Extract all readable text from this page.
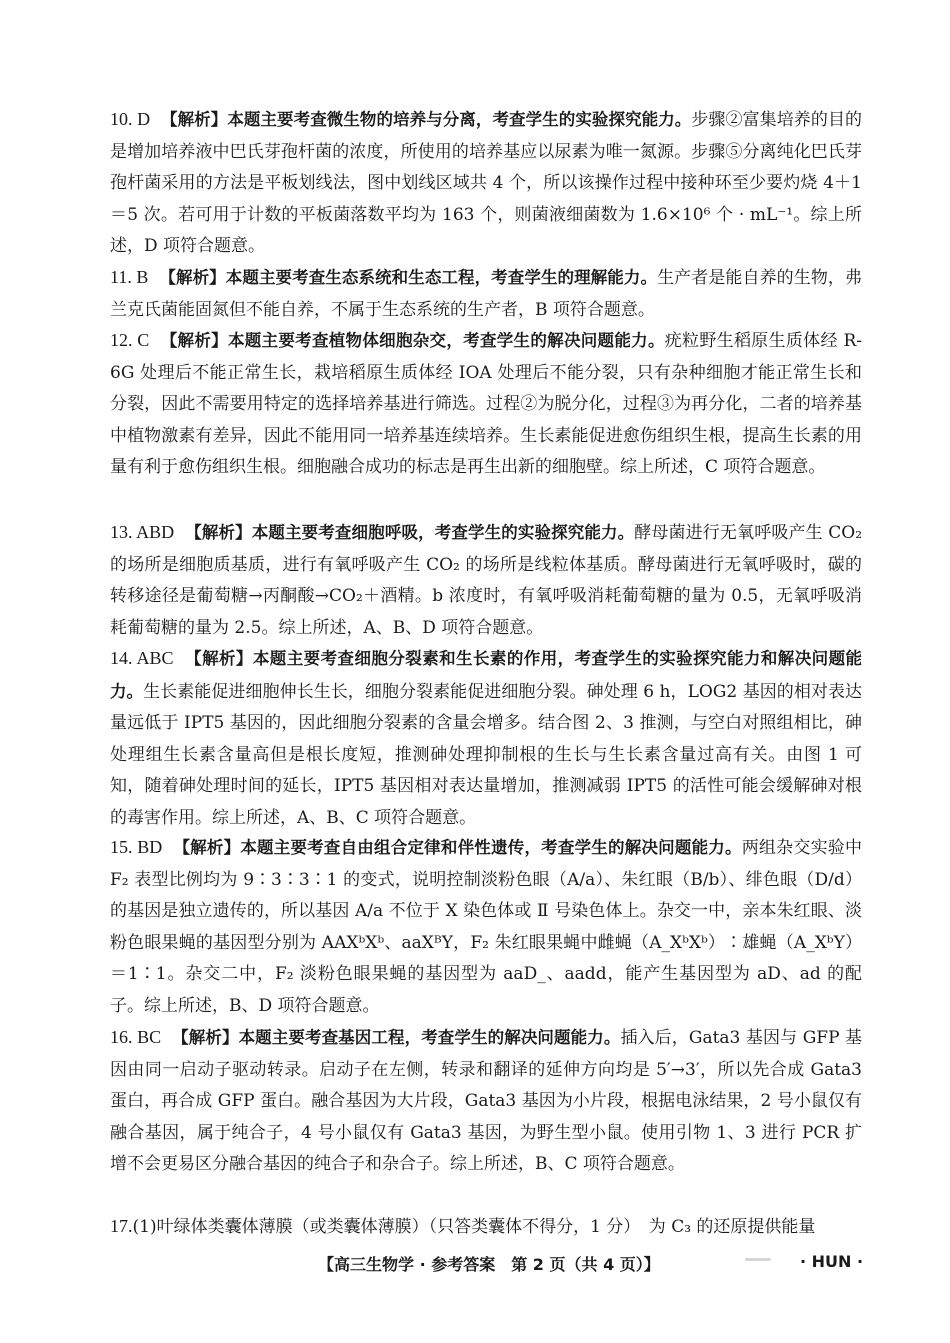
10. D 【解析】本题主要考查微生物的培养与分离，考查学生的实验探究能力。步骤②富集培养的目的是增加培养液中巴氏芽孢杆菌的浓度，所使用的培养基应以尿素为唯一氮源。步骤⑤分离纯化巴氏芽孢杆菌采用的方法是平板划线法，图中划线区域共 4 个，所以该操作过程中接种环至少要灼烧 4＋1＝5 次。若可用于计数的平板菌落数平均为 163 个，则菌液细菌数为 1.6×10⁶ 个 · mL⁻¹。综上所述，D 项符合题意。

11. B 【解析】本题主要考查生态系统和生态工程，考查学生的理解能力。生产者是能自养的生物，弗兰克氏菌能固氮但不能自养，不属于生态系统的生产者，B 项符合题意。

12. C 【解析】本题主要考查植物体细胞杂交，考查学生的解决问题能力。疣粒野生稻原生质体经 R-6G 处理后不能正常生长，栽培稻原生质体经 IOA 处理后不能分裂，只有杂种细胞才能正常生长和分裂，因此不需要用特定的选择培养基进行筛选。过程②为脱分化，过程③为再分化，二者的培养基中植物激素有差异，因此不能用同一培养基连续培养。生长素能促进愈伤组织生根，提高生长素的用量有利于愈伤组织生根。细胞融合成功的标志是再生出新的细胞壁。综上所述，C 项符合题意。

13. ABD 【解析】本题主要考查细胞呼吸，考查学生的实验探究能力。酵母菌进行无氧呼吸产生 CO₂ 的场所是细胞质基质，进行有氧呼吸产生 CO₂ 的场所是线粒体基质。酵母菌进行无氧呼吸时，碳的转移途径是葡萄糖→丙酮酸→CO₂＋酒精。b 浓度时，有氧呼吸消耗葡萄糖的量为 0.5，无氧呼吸消耗葡萄糖的量为 2.5。综上所述，A、B、D 项符合题意。

14. ABC 【解析】本题主要考查细胞分裂素和生长素的作用，考查学生的实验探究能力和解决问题能力。生长素能促进细胞伸长生长，细胞分裂素能促进细胞分裂。砷处理 6 h，LOG2 基因的相对表达量远低于 IPT5 基因的，因此细胞分裂素的含量会增多。结合图 2、3 推测，与空白对照组相比，砷处理组生长素含量高但是根长度短，推测砷处理抑制根的生长与生长素含量过高有关。由图 1 可知，随着砷处理时间的延长，IPT5 基因相对表达量增加，推测减弱 IPT5 的活性可能会缓解砷对根的毒害作用。综上所述，A、B、C 项符合题意。

15. BD 【解析】本题主要考查自由组合定律和伴性遗传，考查学生的解决问题能力。两组杂交实验中 F₂ 表型比例均为 9∶3∶3∶1 的变式，说明控制淡粉色眼（A/a）、朱红眼（B/b）、绯色眼（D/d）的基因是独立遗传的，所以基因 A/a 不位于 X 染色体或 Ⅱ 号染色体上。杂交一中，亲本朱红眼、淡粉色眼果蝇的基因型分别为 AAXᵇXᵇ、aaXᴮY，F₂ 朱红眼果蝇中雌蝇（A_XᵇXᵇ）∶雄蝇（A_XᵇY）＝1∶1。杂交二中，F₂ 淡粉色眼果蝇的基因型为 aaD_、aadd，能产生基因型为 aD、ad 的配子。综上所述，B、D 项符合题意。

16. BC 【解析】本题主要考查基因工程，考查学生的解决问题能力。插入后，Gata3 基因与 GFP 基因由同一启动子驱动转录。启动子在左侧，转录和翻译的延伸方向均是 5′→3′，所以先合成 Gata3 蛋白，再合成 GFP 蛋白。融合基因为大片段，Gata3 基因为小片段，根据电泳结果，2 号小鼠仅有融合基因，属于纯合子，4 号小鼠仅有 Gata3 基因，为野生型小鼠。使用引物 1、3 进行 PCR 扩增不会更易区分融合基因的纯合子和杂合子。综上所述，B、C 项符合题意。

17.(1)叶绿体类囊体薄膜（或类囊体薄膜）（只答类囊体不得分，1 分）　为 C₃ 的还原提供能量

【高三生物学 · 参考答案　第 2 页（共 4 页）】	· HUN ·
